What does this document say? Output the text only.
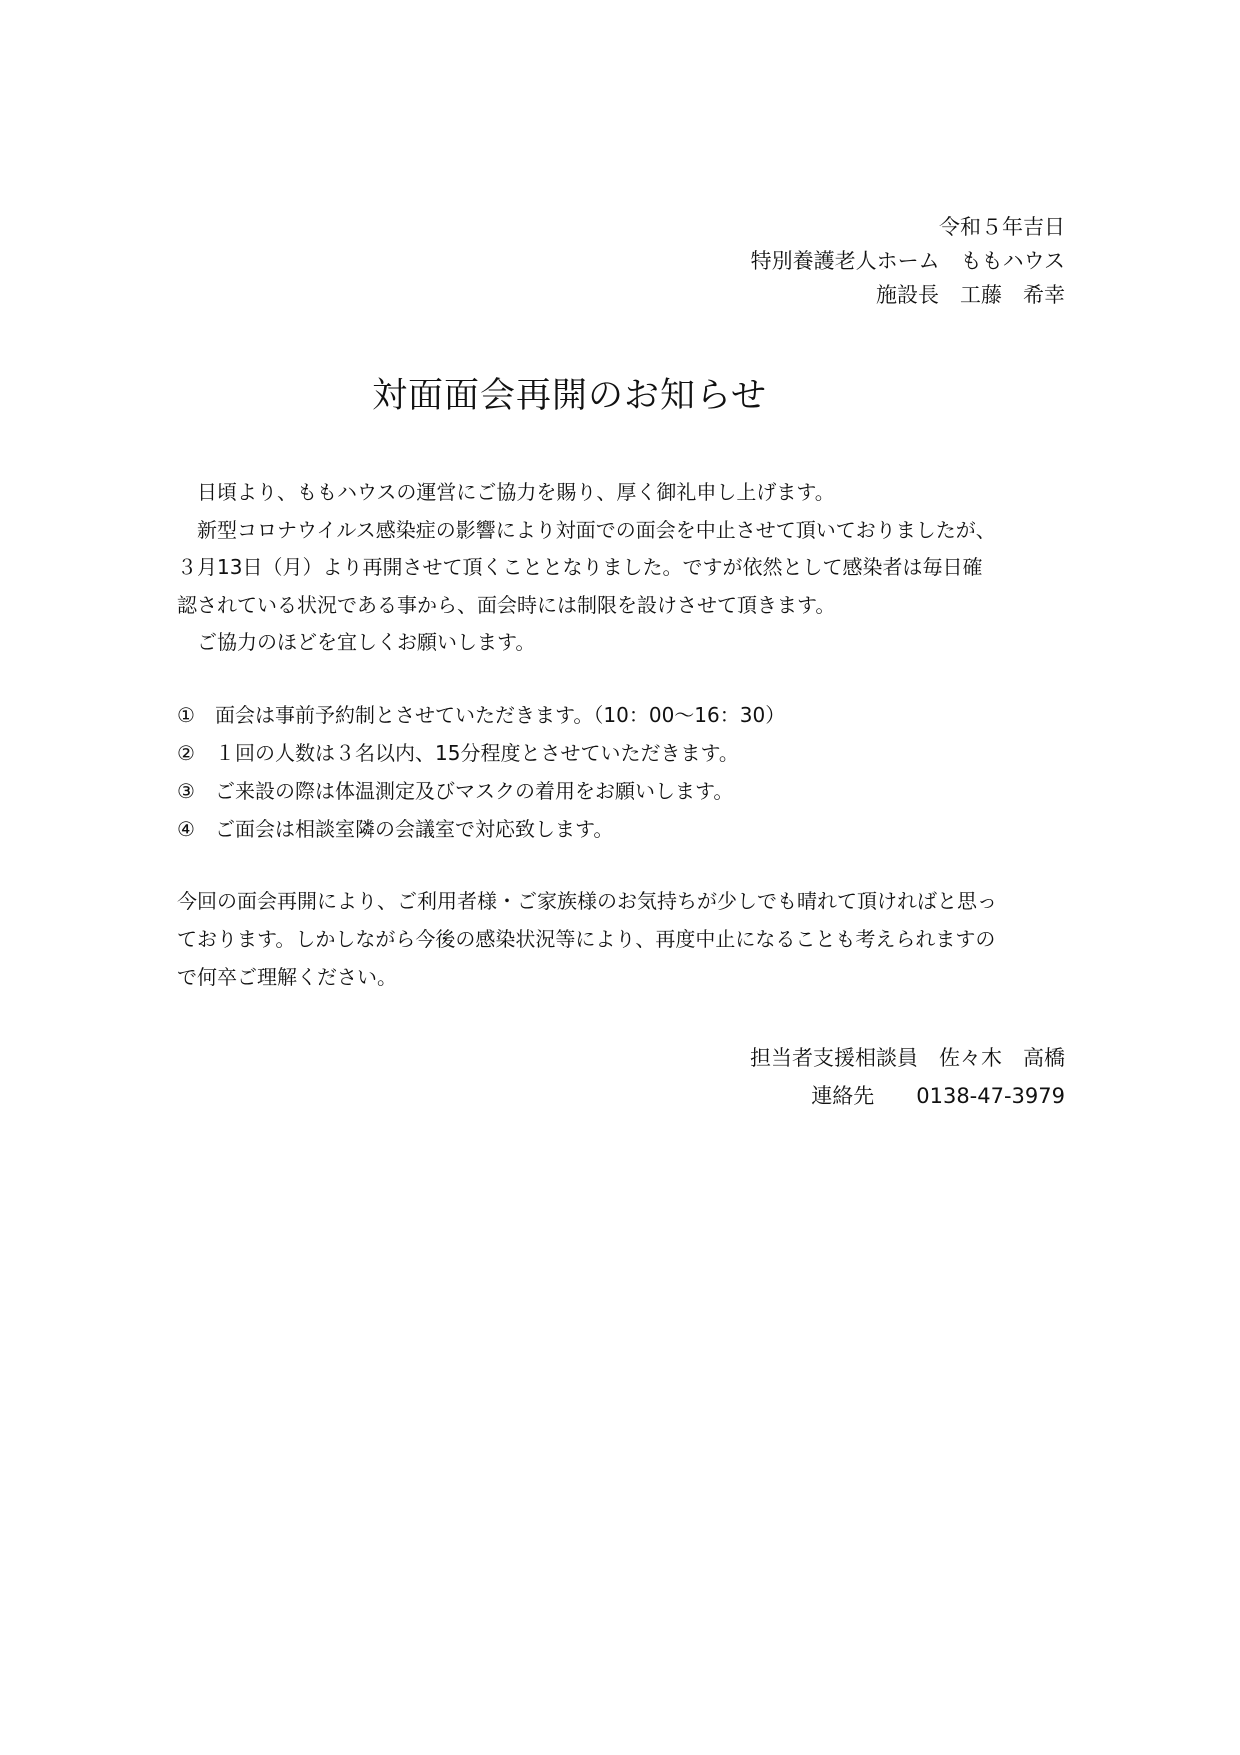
令和５年吉日
特別養護老人ホーム　ももハウス
施設長　工藤　希幸
対面面会再開のお知らせ
　日頃より、ももハウスの運営にご協力を賜り、厚く御礼申し上げます。
　新型コロナウイルス感染症の影響により対面での面会を中止させて頂いておりましたが、
３月13日（月）より再開させて頂くこととなりました。ですが依然として感染者は毎日確
認されている状況である事から、面会時には制限を設けさせて頂きます。
　ご協力のほどを宜しくお願いします。
① 面会は事前予約制とさせていただきます。（10：00～16：30）
② １回の人数は３名以内、15分程度とさせていただきます。
③ ご来設の際は体温測定及びマスクの着用をお願いします。
④ ご面会は相談室隣の会議室で対応致します。
今回の面会再開により、ご利用者様・ご家族様のお気持ちが少しでも晴れて頂ければと思っ
ております。しかしながら今後の感染状況等により、再度中止になることも考えられますの
で何卒ご理解ください。
担当者支援相談員　佐々木　高橋
連絡先 0138-47-3979
